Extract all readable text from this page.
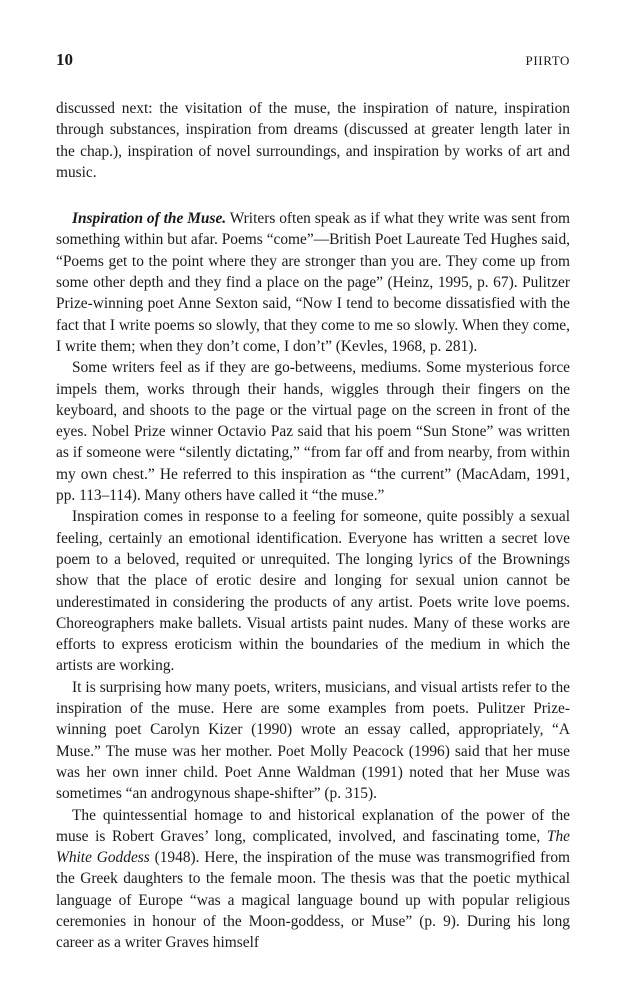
10	PIIRTO

discussed next: the visitation of the muse, the inspiration of nature, inspiration through substances, inspiration from dreams (discussed at greater length later in the chap.), inspiration of novel surroundings, and inspiration by works of art and music.

Inspiration of the Muse. Writers often speak as if what they write was sent from something within but afar. Poems “come”—British Poet Laureate Ted Hughes said, “Poems get to the point where they are stronger than you are. They come up from some other depth and they find a place on the page” (Heinz, 1995, p. 67). Pulitzer Prize-winning poet Anne Sexton said, “Now I tend to become dissatisfied with the fact that I write poems so slowly, that they come to me so slowly. When they come, I write them; when they don’t come, I don’t” (Kevles, 1968, p. 281).

Some writers feel as if they are go-betweens, mediums. Some mysterious force impels them, works through their hands, wiggles through their fingers on the keyboard, and shoots to the page or the virtual page on the screen in front of the eyes. Nobel Prize winner Octavio Paz said that his poem “Sun Stone” was written as if someone were “silently dictating,” “from far off and from nearby, from within my own chest.” He referred to this inspiration as “the current” (MacAdam, 1991, pp. 113–114). Many others have called it “the muse.”

Inspiration comes in response to a feeling for someone, quite possibly a sexual feeling, certainly an emotional identification. Everyone has written a secret love poem to a beloved, requited or unrequited. The longing lyrics of the Brownings show that the place of erotic desire and longing for sexual union cannot be underestimated in considering the products of any artist. Poets write love poems. Choreographers make ballets. Visual artists paint nudes. Many of these works are efforts to express eroticism within the boundaries of the medium in which the artists are working.

It is surprising how many poets, writers, musicians, and visual artists refer to the inspiration of the muse. Here are some examples from poets. Pulitzer Prize-winning poet Carolyn Kizer (1990) wrote an essay called, appropriately, “A Muse.” The muse was her mother. Poet Molly Peacock (1996) said that her muse was her own inner child. Poet Anne Waldman (1991) noted that her Muse was sometimes “an androgynous shape-shifter” (p. 315).

The quintessential homage to and historical explanation of the power of the muse is Robert Graves’ long, complicated, involved, and fascinating tome, The White Goddess (1948). Here, the inspiration of the muse was transmogrified from the Greek daughters to the female moon. The thesis was that the poetic mythical language of Europe “was a magical language bound up with popular religious ceremonies in honour of the Moon-goddess, or Muse” (p. 9). During his long career as a writer Graves himself
